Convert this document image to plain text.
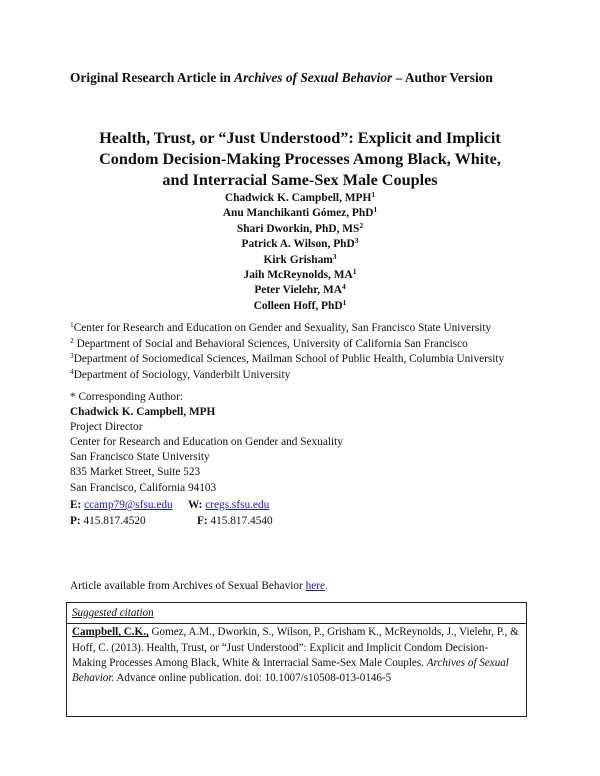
Original Research Article in Archives of Sexual Behavior – Author Version
Health, Trust, or “Just Understood”: Explicit and Implicit
Condom Decision-Making Processes Among Black, White,
and Interracial Same-Sex Male Couples
Chadwick K. Campbell, MPH$^1$
Anu Manchikanti Gómez, PhD$^1$
Shari Dworkin, PhD, $MS^2$
Patrick A. Wilson, PhD$^3$
Kirk Grisham$^3$
Jaih McReynolds, $MA^1$
Peter Vielehr, $MA^4$
Colleen Hoff, PhD$^1$
$^1$Center for Research and Education on Gender and Sexuality, San Francisco State University
$^2$ Department of Social and Behavioral Sciences, University of California San Francisco
$^3$Department of Sociomedical Sciences, Mailman School of Public Health, Columbia University
$^4$Department of Sociology, Vanderbilt University
* Corresponding Author:
Chadwick K. Campbell, MPH
Project Director
Center for Research and Education on Gender and Sexuality
San Francisco State University
835 Market Street, Suite 523
San Francisco, California 94103
E: ccamp79@sfsu.edu W: cregs.sfsu.edu
P: 415.817.4520	F: 415.817.4540
Article available from Archives of Sexual Behavior here.
Suggested citation
Campbell, C.K., Gomez, A.M., Dworkin, S., Wilson, P., Grisham K., McReynolds, J., Vielehr, P., & Hoff, C. (2013). Health, Trust, or “Just Understood”: Explicit and Implicit Condom Decision-Making Processes Among Black, White & Interracial Same-Sex Male Couples. Archives of Sexual Behavior. Advance online publication. doi: 10.1007/s10508-013-0146-5
